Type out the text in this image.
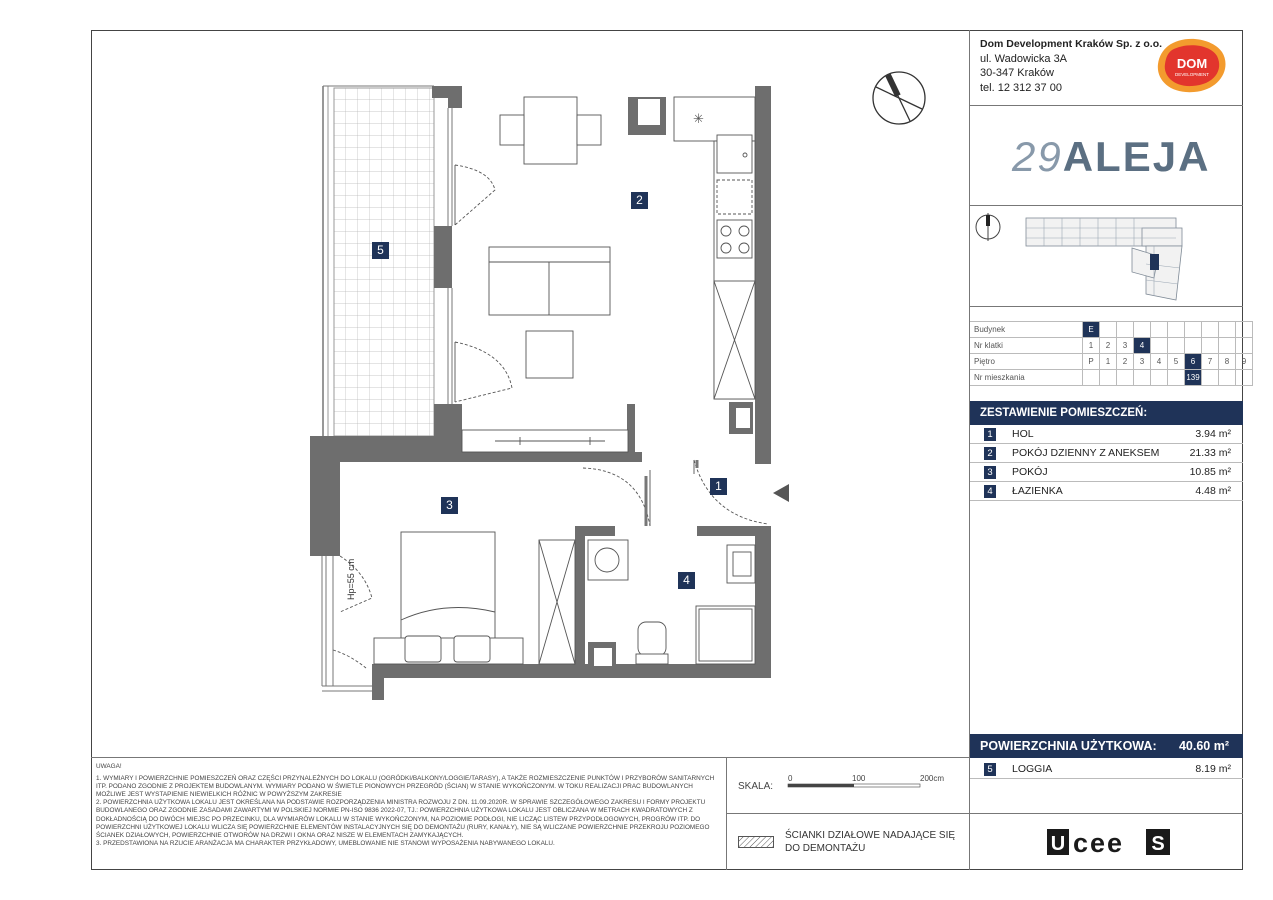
Dom Development Kraków Sp. z o.o.
ul. Wadowicka 3A
30-347 Kraków
tel. 12 312 37 00
DOM
DEVELOPMENT
29ALEJA
Budynek	E									
Nr klatki	1	2	3	4						
Piętro	P	1	2	3	4	5	6	7	8	9
Nr mieszkania							139			
ZESTAWIENIE POMIESZCZEŃ:
1	HOL	3.94 m²
2	POKÓJ DZIENNY Z ANEKSEM	21.33 m²
3	POKÓJ	10.85 m²
4	ŁAZIENKA	4.48 m²
POWIERZCHNIA UŻYTKOWA: 40.60 m²
5	LOGGIA	8.19 m²
UWAGA!
1. WYMIARY I POWIERZCHNIE POMIESZCZEŃ ORAZ CZĘŚCI PRZYNALEŻNYCH DO LOKALU (OGRÓDKI/BALKONY/LOGGIE/TARASY), A TAKŻE ROZMIESZCZENIE PUNKTÓW I PRZYBORÓW SANITARNYCH ITP. PODANO ZGODNIE Z PROJEKTEM BUDOWLANYM. WYMIARY PODANO W ŚWIETLE PIONOWYCH PRZEGRÓD (ŚCIAN) W STANIE WYKOŃCZONYM. W TOKU REALIZACJI PRAC BUDOWLANYCH MOŻLIWE JEST WYSTAPIENIE NIEWIELKICH RÓŻNIC W POWYŻSZYM ZAKRESIE
2. POWIERZCHNIA UŻYTKOWA LOKALU JEST OKREŚLANA NA PODSTAWIE ROZPORZĄDZENIA MINISTRA ROZWOJU Z DN. 11.09.2020R. W SPRAWIE SZCZEGÓŁOWEGO ZAKRESU I FORMY PROJEKTU BUDOWLANEGO ORAZ ZGODNIE ZASADAMI ZAWARTYMI W POLSKIEJ NORMIE PN-ISO 9836 2022-07, TJ.: POWIERZCHNIA UŻYTKOWA LOKALU JEST OBLICZANA W METRACH KWADRATOWYCH Z DOKŁADNOŚCIĄ DO DWÓCH MIEJSC PO PRZECINKU, DLA WYMIARÓW LOKALU W STANIE WYKOŃCZONYM, NA POZIOMIE PODŁOGI, NIE LICZĄC LISTEW PRZYPODŁOGOWYCH, PROGRÓW ITP. DO POWIERZCHNI UŻYTKOWEJ LOKALU WLICZA SIĘ POWIERZCHNIE ELEMENTÓW INSTALACYJNYCH SIĘ DO DEMONTAŻU (RURY, KANAŁY), NIE SĄ WLICZANE POWIERZCHNIE PRZEKROJU POZIOMEGO ŚCIANEK DZIAŁOWYCH, POWIERZCHNIE OTWORÓW NA DRZWI I OKNA ORAZ NISZE W ELEMENTACH ZAMYKAJĄCYCH.
3. PRZEDSTAWIONA NA RZUCIE ARANŻACJA MA CHARAKTER PRZYKŁADOWY, UMEBLOWANIE NIE STANOWI WYPOSAŻENIA NABYWANEGO LOKALU.
SKALA:
0	100	200cm
ŚCIANKI DZIAŁOWE NADAJĄCE SIĘ
DO DEMONTAŻU	U cee S
✳
Hp=55 cm
5
2
1
3
4
